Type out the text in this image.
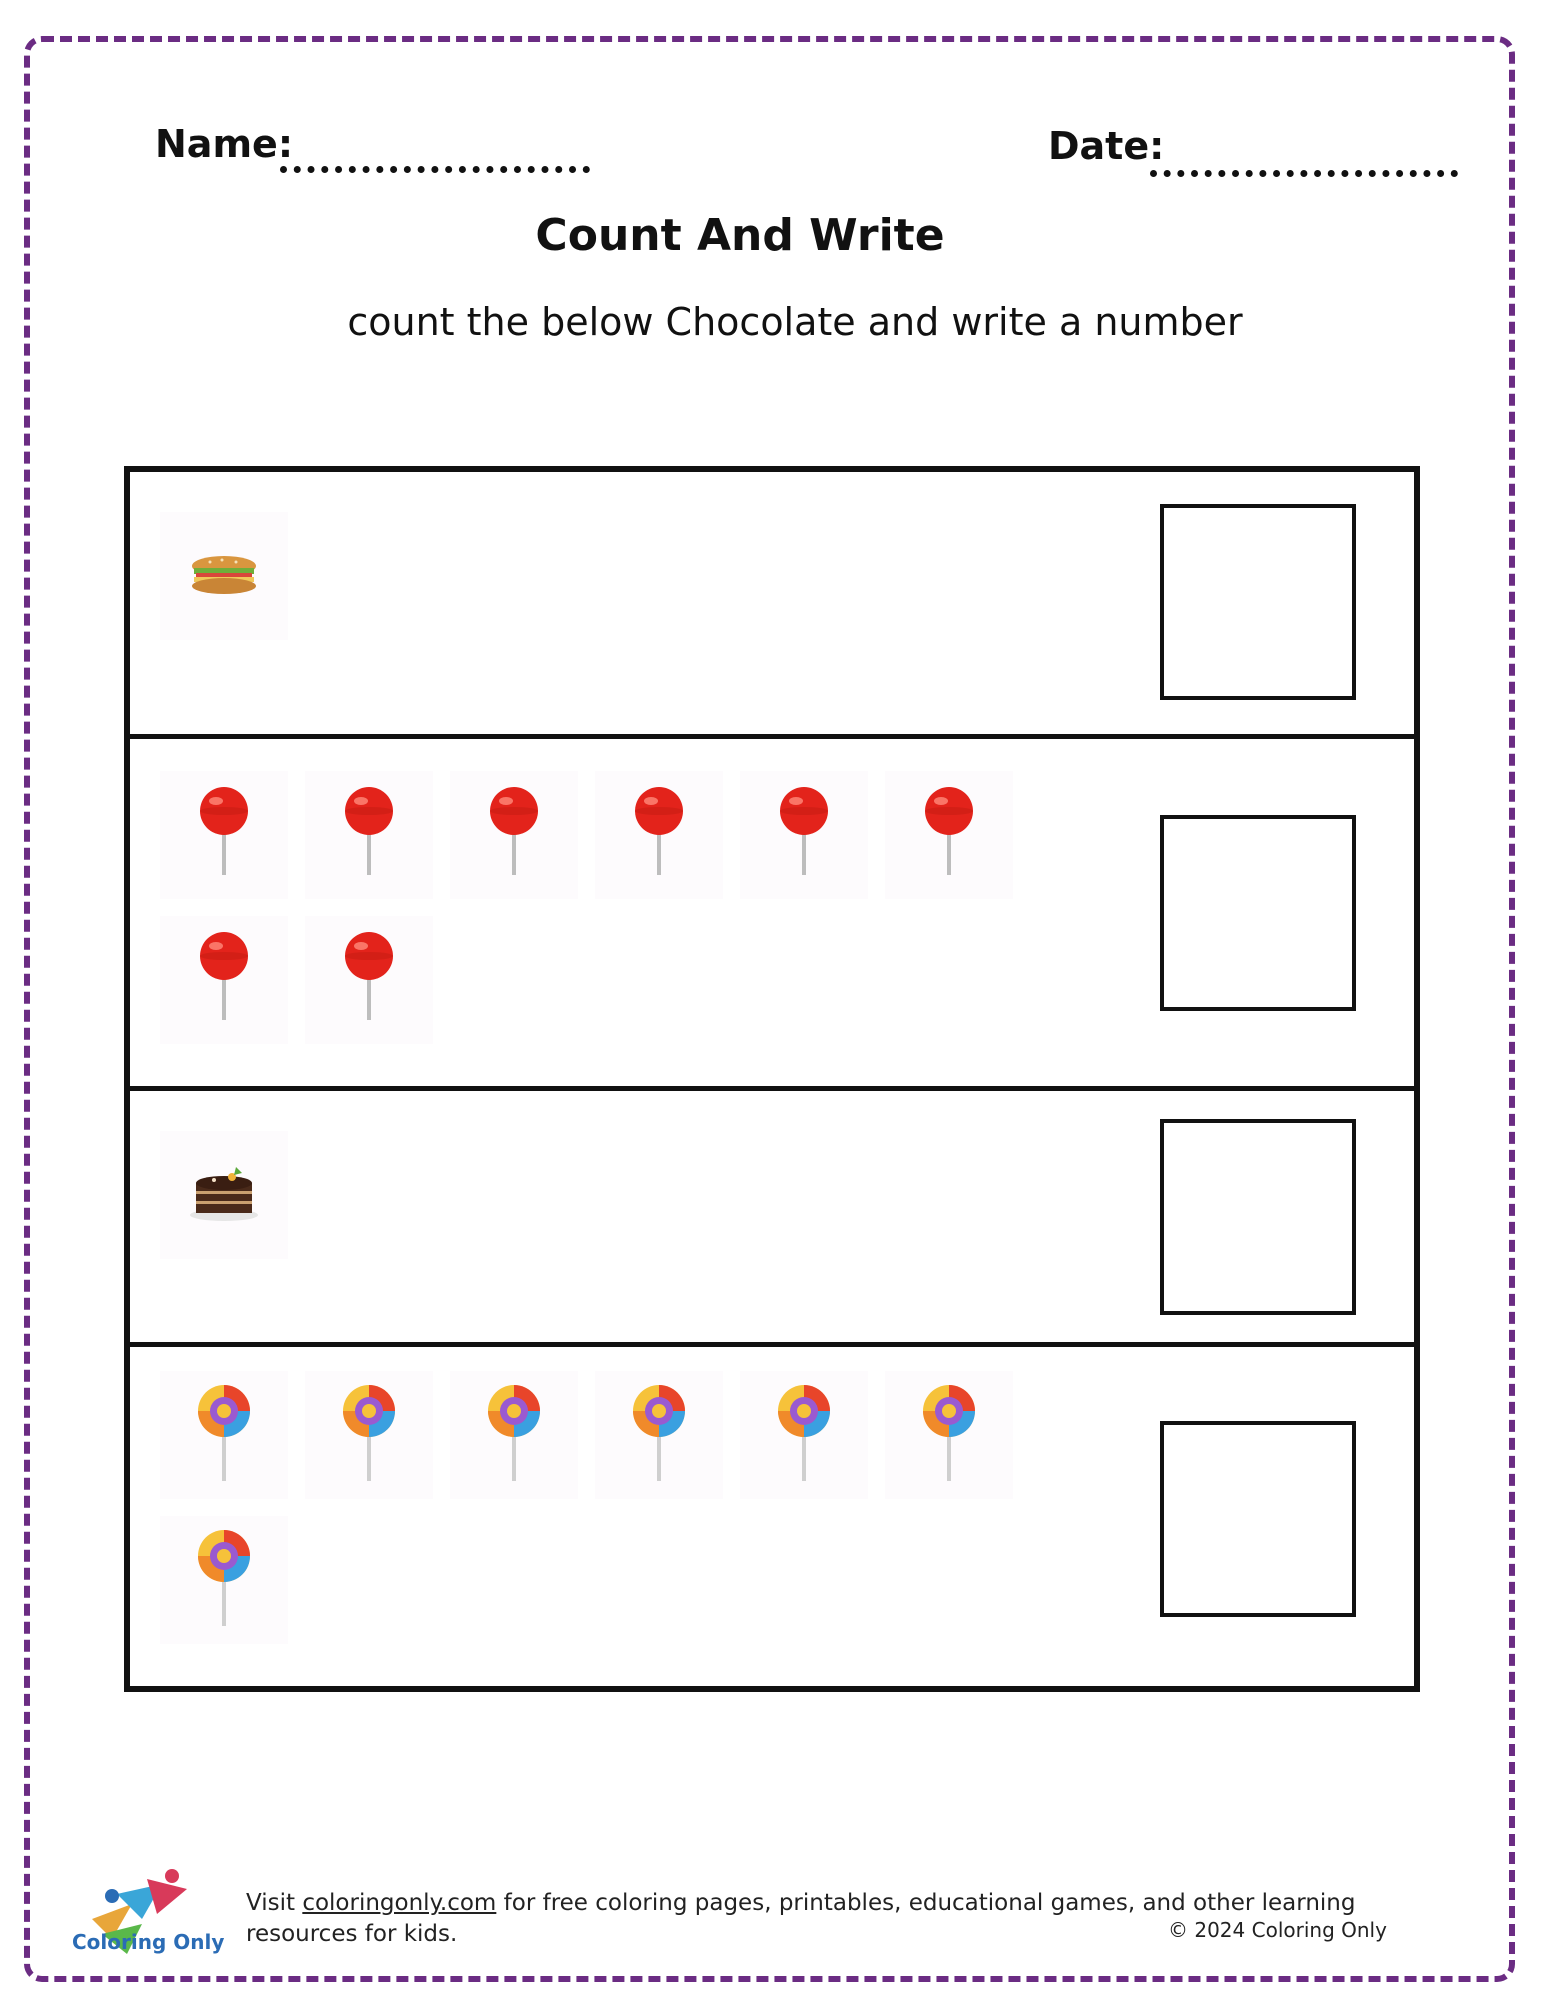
Name:	Date:
Count And Write
count the below Chocolate and write a number
Coloring Only
Visit coloringonly.com for free coloring pages, printables, educational games, and other learning resources for kids.	© 2024 Coloring Only
